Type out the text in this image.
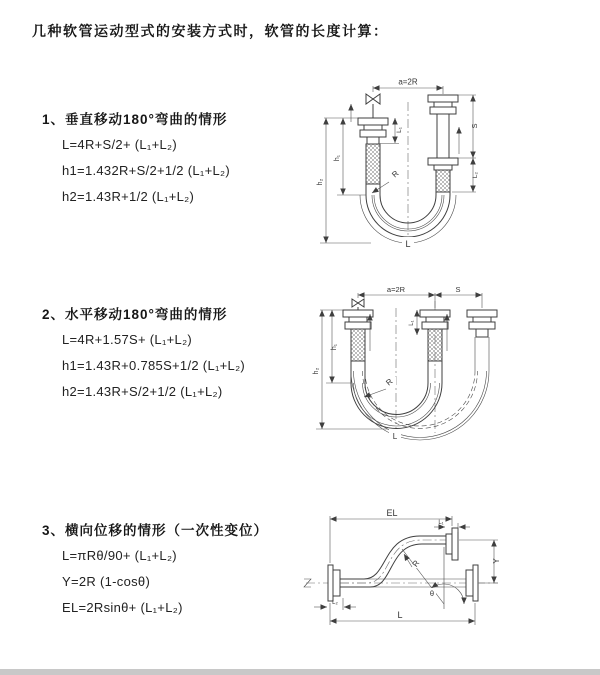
几种软管运动型式的安装方式时，软管的长度计算：
1、垂直移动180°弯曲的情形
L=4R+S/2+ (L₁+L₂)
h1=1.432R+S/2+1/2 (L₁+L₂)
h2=1.43R+1/2 (L₁+L₂)
2、水平移动180°弯曲的情形
L=4R+1.57S+ (L₁+L₂)
h1=1.43R+0.785S+1/2 (L₁+L₂)
h2=1.43R+S/2+1/2 (L₁+L₂)
3、横向位移的情形（一次性变位）
L=πRθ/90+ (L₁+L₂)
Y=2R (1-cosθ)
EL=2Rsinθ+ (L₁+L₂)
a=2R
h₁
h₂
L₁
S
L₂
R
L
a=2R	S
h₁
h₂
L₁
R
L
EL
L₁
Y
θ
R
L₂
L
